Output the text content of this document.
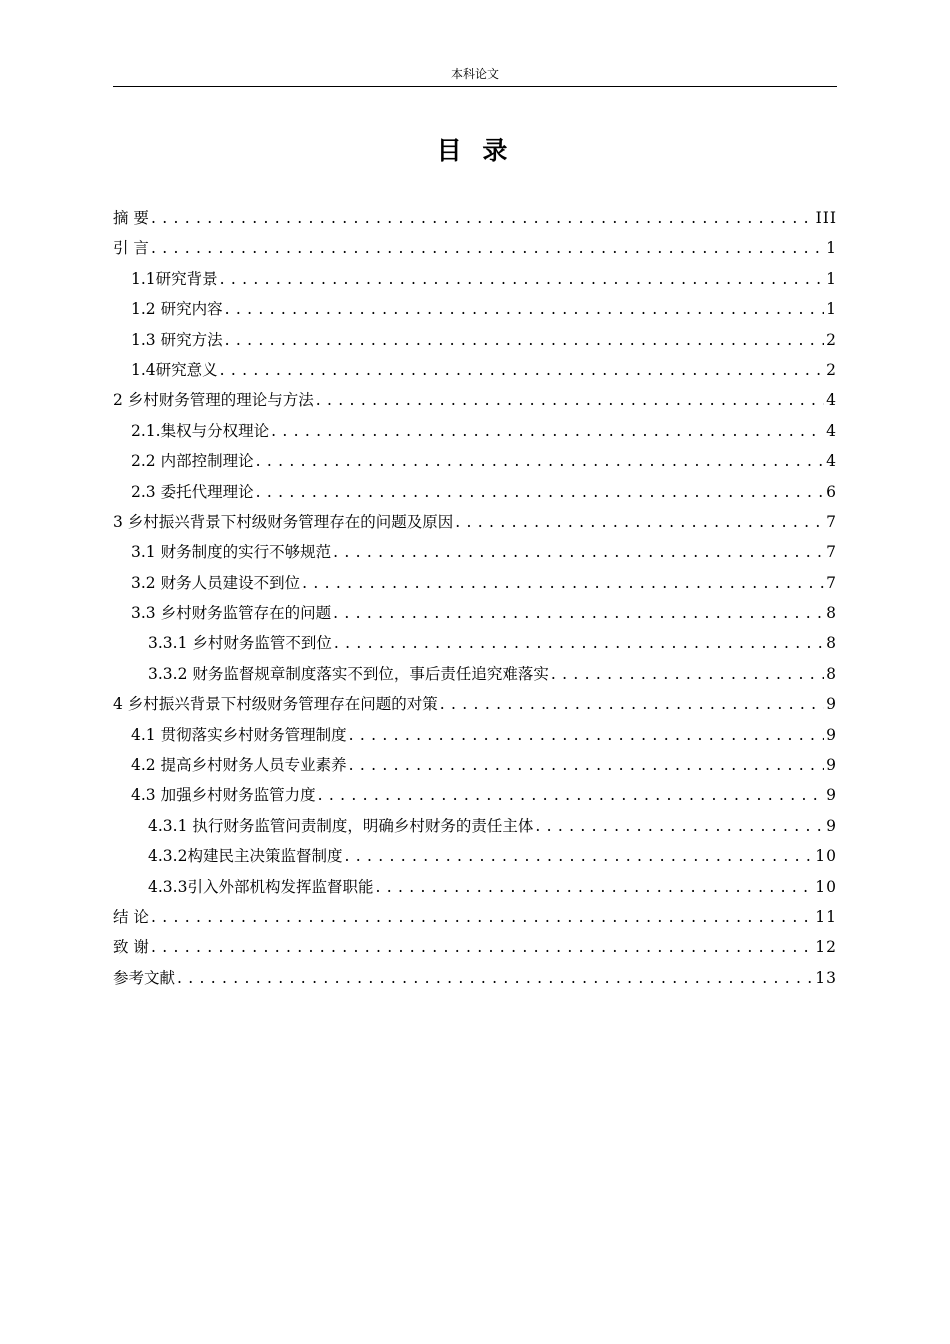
本科论文
目 录
摘 要 . . .	III
引 言 . . .	1
1.1研究背景 . . .	1
1.2 研究内容 . . .	1
1.3 研究方法 . . .	2
1.4研究意义 . . .	2
2 乡村财务管理的理论与方法 . . .	4
2.1.集权与分权理论 . . .	4
2.2 内部控制理论 . . .	4
2.3 委托代理理论 . . .	6
3 乡村振兴背景下村级财务管理存在的问题及原因 . . .	7
3.1 财务制度的实行不够规范 . . .	7
3.2 财务人员建设不到位 . . .	7
3.3 乡村财务监管存在的问题 . . .	8
3.3.1 乡村财务监管不到位 . . .	8
3.3.2 财务监督规章制度落实不到位，事后责任追究难落实 . . .	8
4 乡村振兴背景下村级财务管理存在问题的对策 . . .	9
4.1 贯彻落实乡村财务管理制度 . . .	9
4.2 提高乡村财务人员专业素养 . . .	9
4.3 加强乡村财务监管力度 . . .	9
4.3.1 执行财务监管问责制度，明确乡村财务的责任主体 . . .	9
4.3.2构建民主决策监督制度 . . .	10
4.3.3引入外部机构发挥监督职能 . . .	10
结 论 . . .	11
致 谢 . . .	12
参考文献 . . .	13
